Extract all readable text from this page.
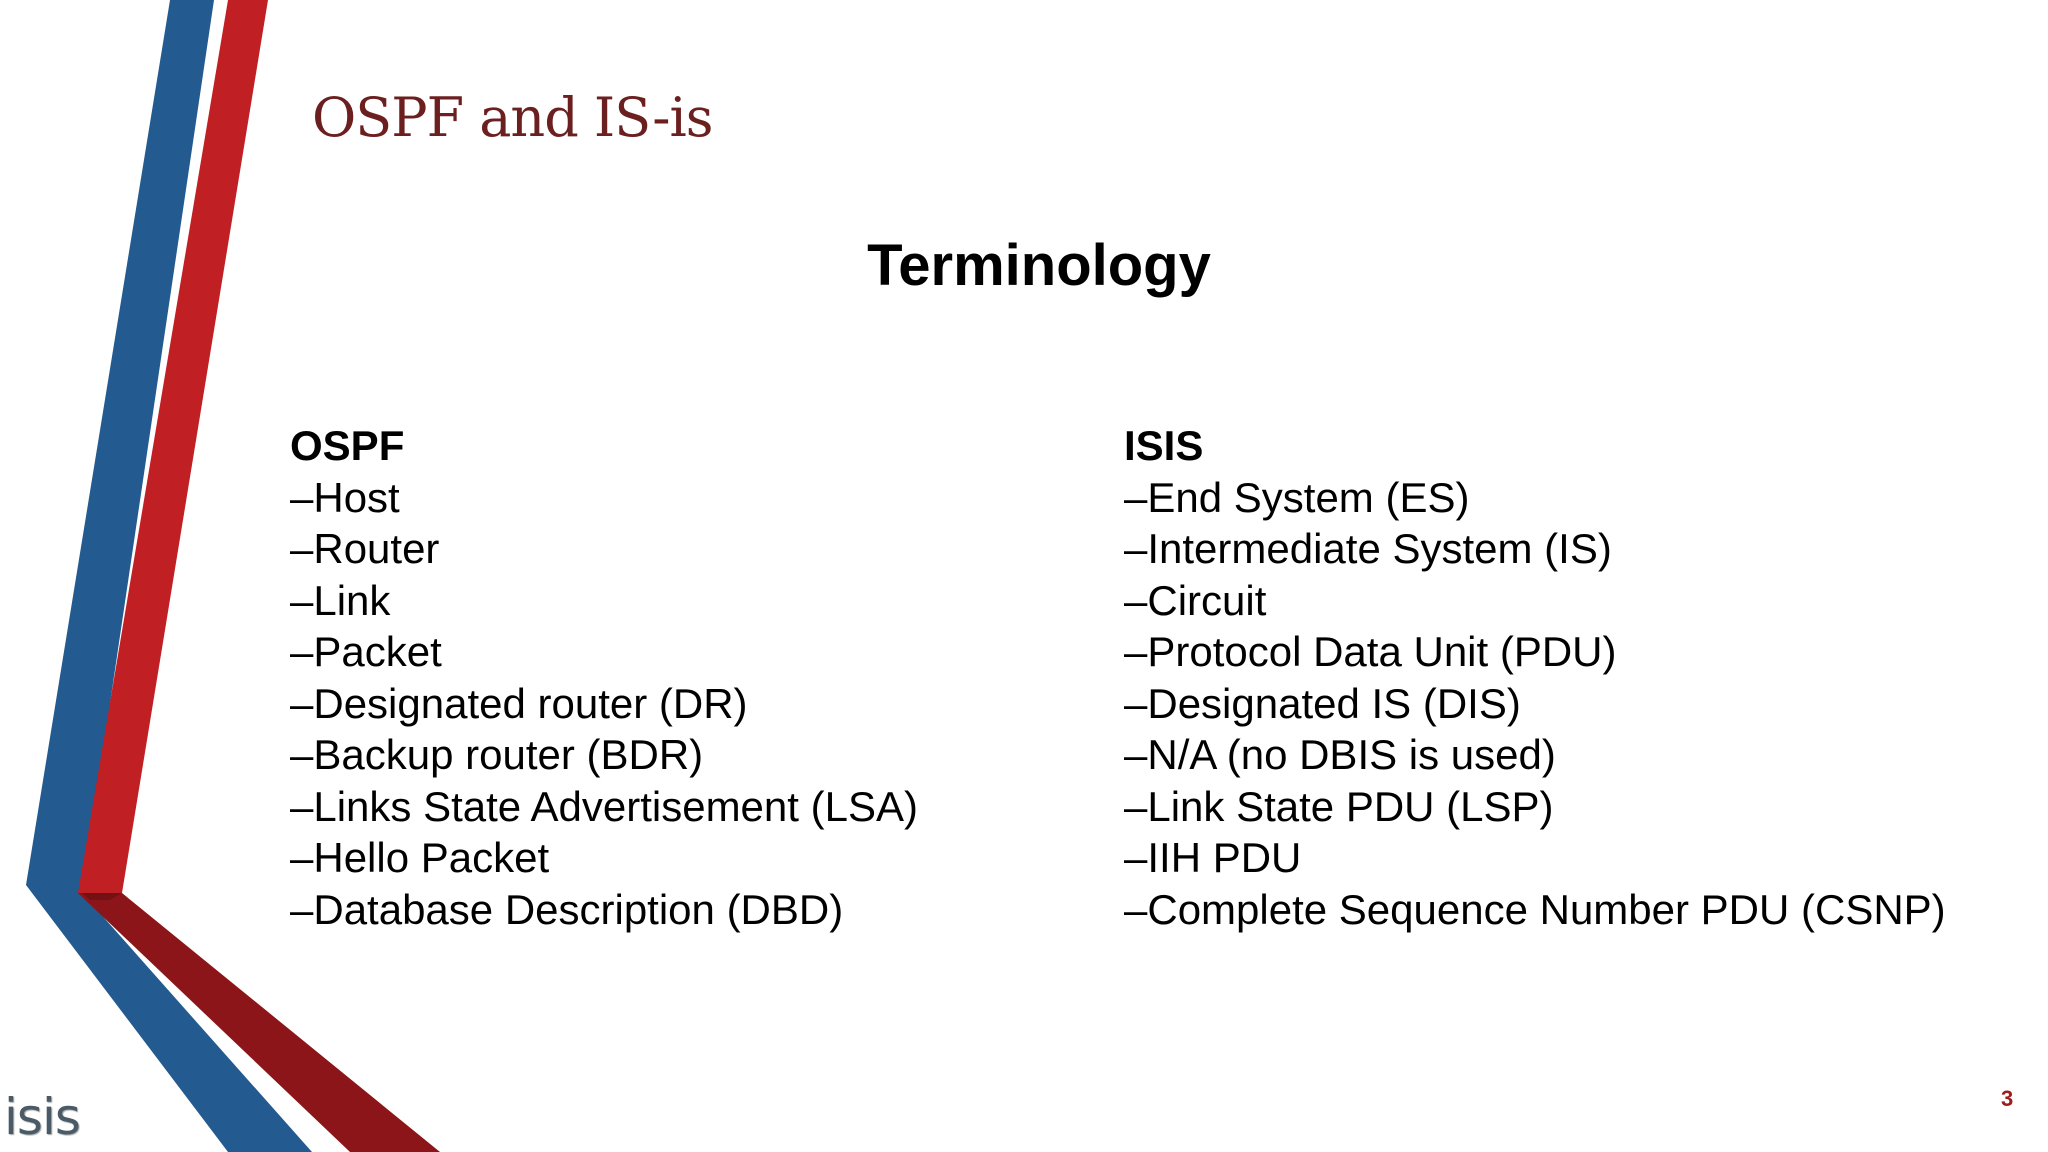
OSPF and IS-is
Terminology
OSPF
–Host
–Router
–Link
–Packet
–Designated router (DR)
–Backup router (BDR)
–Links State Advertisement (LSA)
–Hello Packet
–Database Description (DBD)
ISIS
–End System (ES)
–Intermediate System (IS)
–Circuit
–Protocol Data Unit (PDU)
–Designated IS (DIS)
–N/A (no DBIS is used)
–Link State PDU (LSP)
–IIH PDU
–Complete Sequence Number PDU (CSNP)
isis	3
